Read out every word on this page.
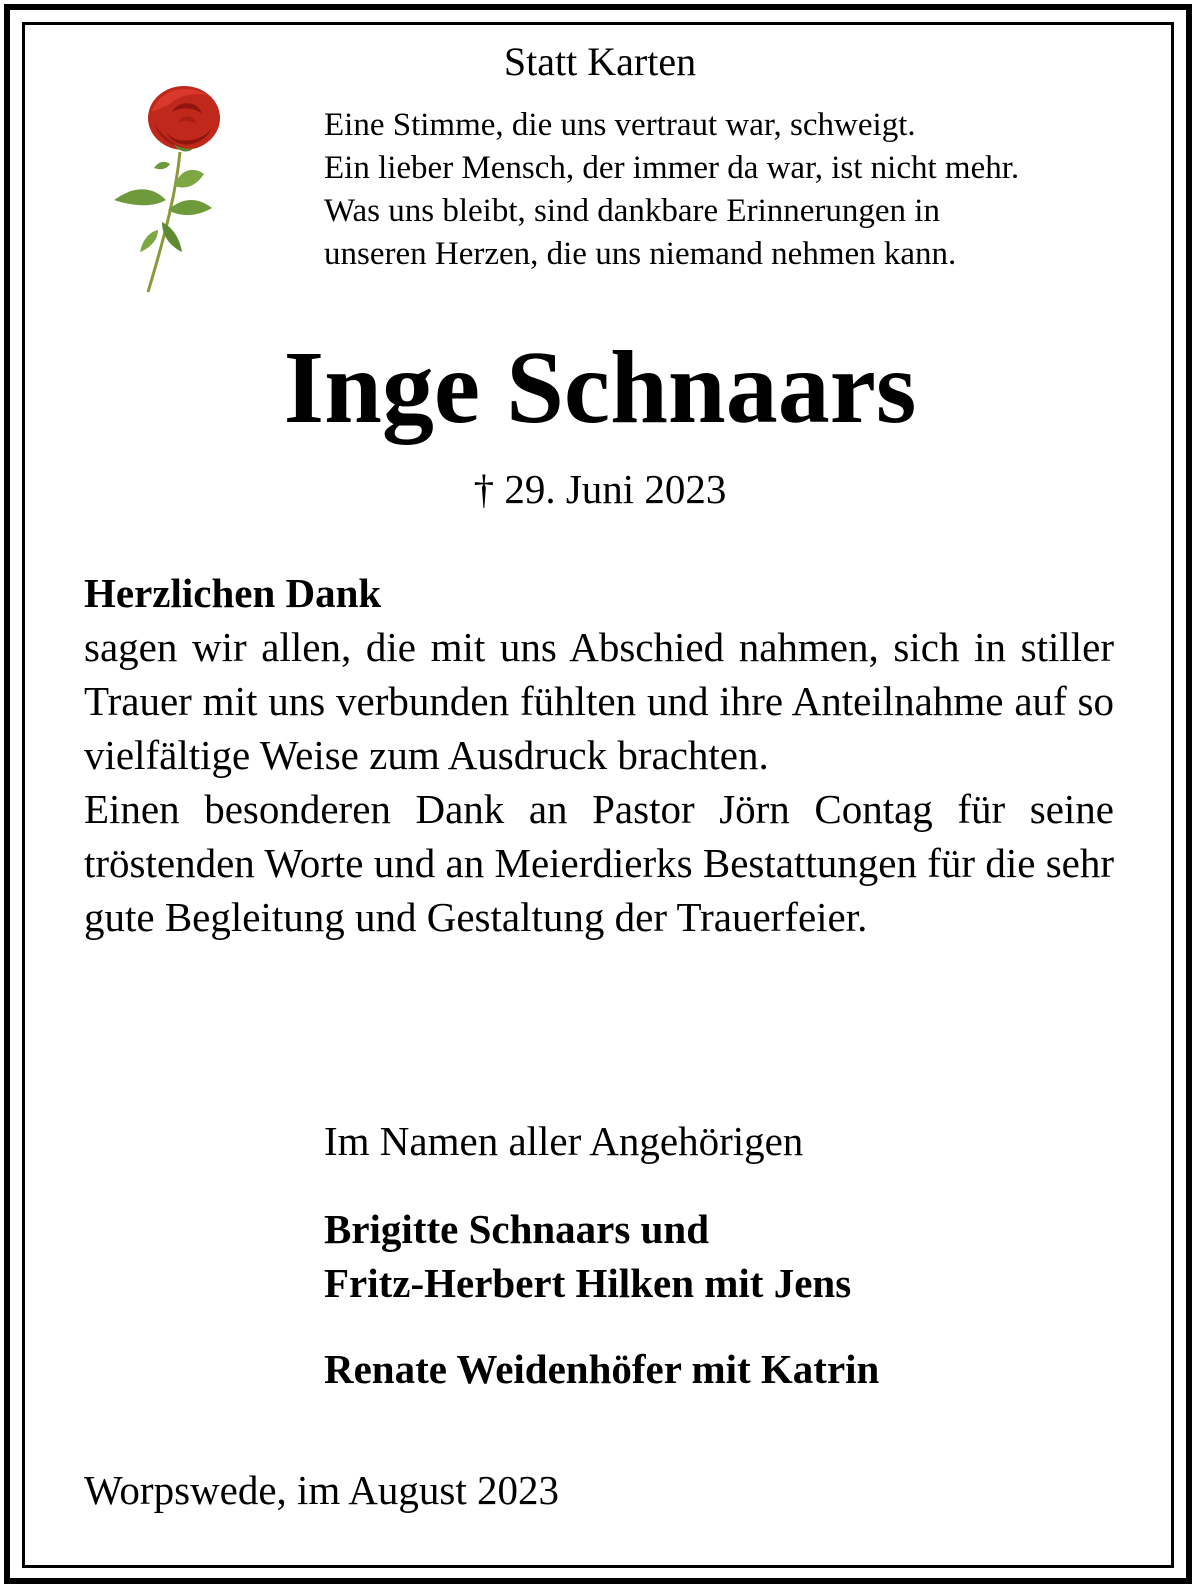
Statt Karten
Eine Stimme, die uns vertraut war, schweigt.
Ein lieber Mensch, der immer da war, ist nicht mehr.
Was uns bleibt, sind dankbare Erinnerungen in
unseren Herzen, die uns niemand nehmen kann.
Inge Schnaars
† 29. Juni 2023
Herzlichen Dank
sagen wir allen, die mit uns Abschied nahmen, sich in stiller Trauer mit uns verbunden fühlten und ihre Anteilnahme auf so vielfältige Weise zum Ausdruck brachten.
Einen besonderen Dank an Pastor Jörn Contag für seine tröstenden Worte und an Meierdierks Bestattungen für die sehr gute Begleitung und Gestaltung der Trauerfeier.
Im Namen aller Angehörigen
Brigitte Schnaars und
Fritz-Herbert Hilken mit Jens
Renate Weidenhöfer mit Katrin
Worpswede, im August 2023
